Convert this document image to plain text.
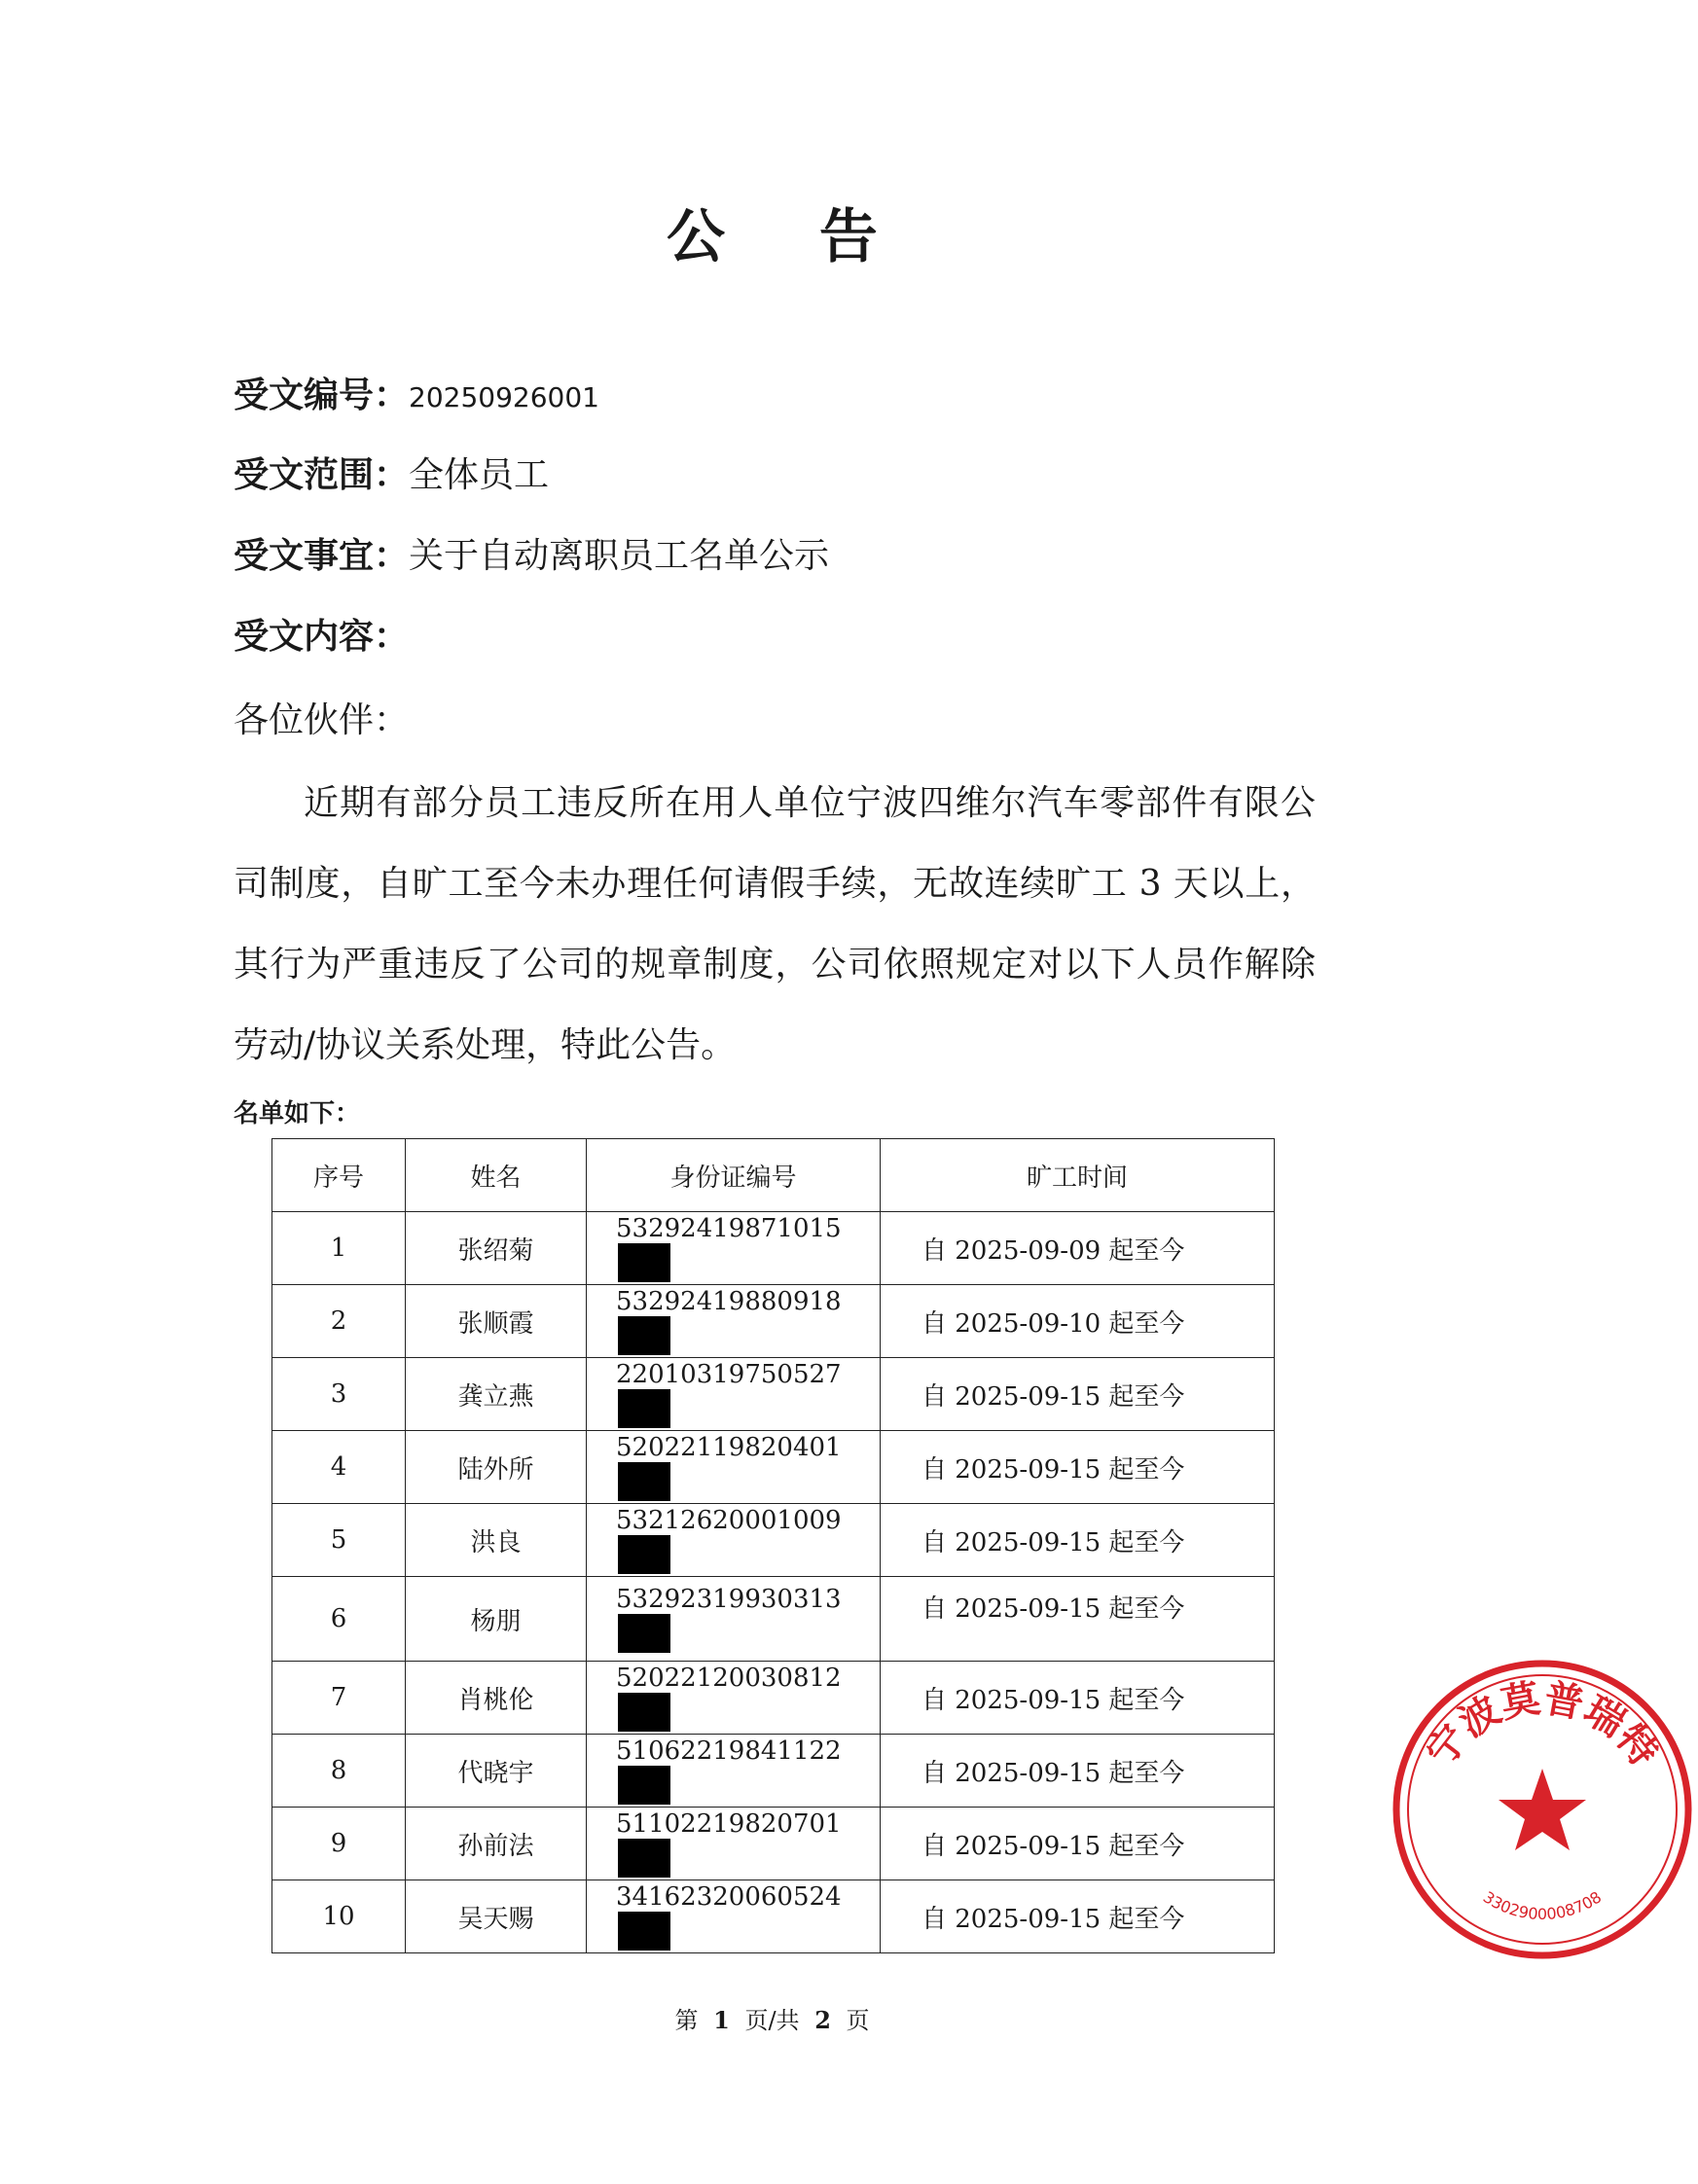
公 告
受文编号：20250926001
受文范围：全体员工
受文事宜：关于自动离职员工名单公示
受文内容：
各位伙伴：

近期有部分员工违反所在用人单位宁波四维尔汽车零部件有限公司制度，自旷工至今未办理任何请假手续，无故连续旷工 3 天以上，其行为严重违反了公司的规章制度，公司依照规定对以下人员作解除劳动/协议关系处理，特此公告。

名单如下：
序号	姓名	身份证编号	旷工时间
1	张绍菊	53292419871015	自 2025-09-09 起至今
2	张顺霞	53292419880918	自 2025-09-10 起至今
3	龚立燕	22010319750527	自 2025-09-15 起至今
4	陆外所	52022119820401	自 2025-09-15 起至今
5	洪良	53212620001009	自 2025-09-15 起至今
6	杨朋	53292319930313	自 2025-09-15 起至今
7	肖桃伦	52022120030812	自 2025-09-15 起至今
8	代晓宇	51062219841122	自 2025-09-15 起至今
9	孙前法	51102219820701	自 2025-09-15 起至今
10	吴天赐	34162320060524	自 2025-09-15 起至今
第 1 页/共 2 页
宁波莫普瑞特
3302900008708
